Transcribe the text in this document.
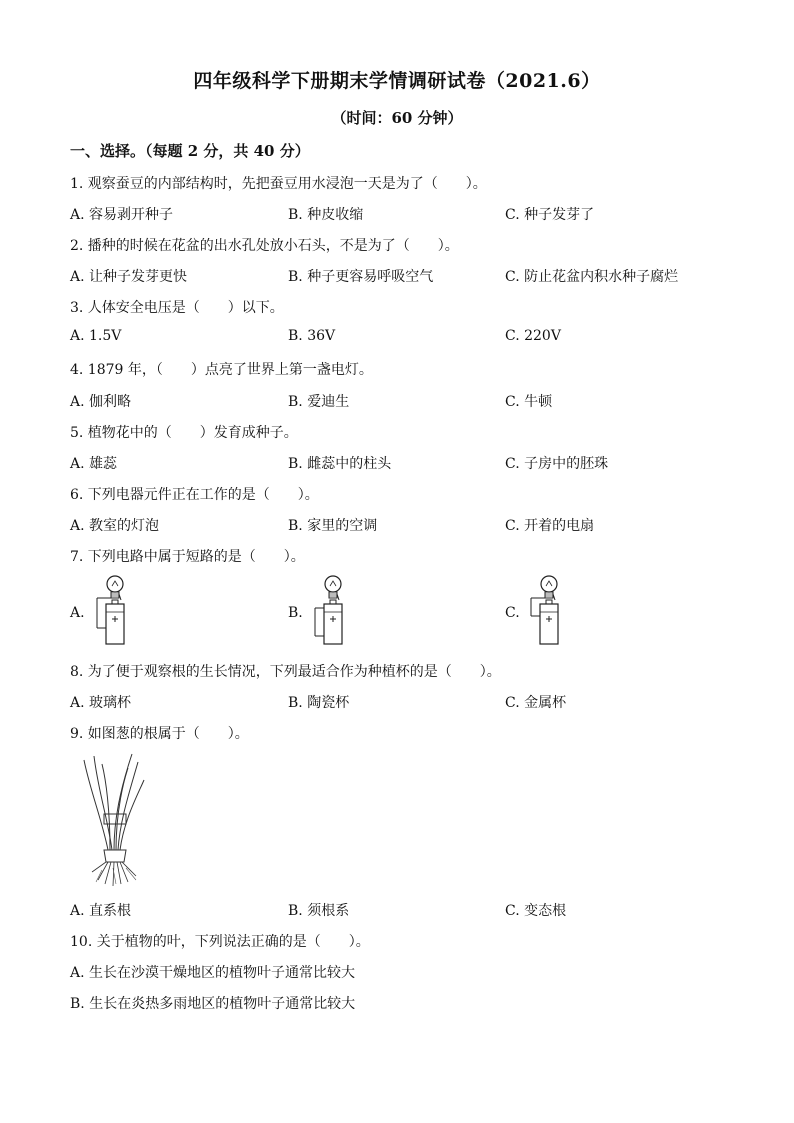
四年级科学下册期末学情调研试卷（2021.6）
（时间：60 分钟）
一、选择。（每题 2 分，共 40 分）
1. 观察蚕豆的内部结构时，先把蚕豆用水浸泡一天是为了（　　）。
A. 容易剥开种子	B. 种皮收缩	C. 种子发芽了
2. 播种的时候在花盆的出水孔处放小石头，不是为了（　　）。
A. 让种子发芽更快	B. 种子更容易呼吸空气	C. 防止花盆内积水种子腐烂
3. 人体安全电压是（　　）以下。
A. 1.5V	B. 36V	C. 220V
4. 1879 年，（　　）点亮了世界上第一盏电灯。
A. 伽利略	B. 爱迪生	C. 牛顿
5. 植物花中的（　　）发育成种子。
A. 雄蕊	B. 雌蕊中的柱头	C. 子房中的胚珠
6. 下列电器元件正在工作的是（　　）。
A. 教室的灯泡	B. 家里的空调	C. 开着的电扇
7. 下列电路中属于短路的是（　　）。
A.	B.	C.
8. 为了便于观察根的生长情况，下列最适合作为种植杯的是（　　）。
A. 玻璃杯	B. 陶瓷杯	C. 金属杯
9. 如图葱的根属于（　　）。
A. 直系根	B. 须根系	C. 变态根
10. 关于植物的叶，下列说法正确的是（　　）。
A. 生长在沙漠干燥地区的植物叶子通常比较大
B. 生长在炎热多雨地区的植物叶子通常比较大
